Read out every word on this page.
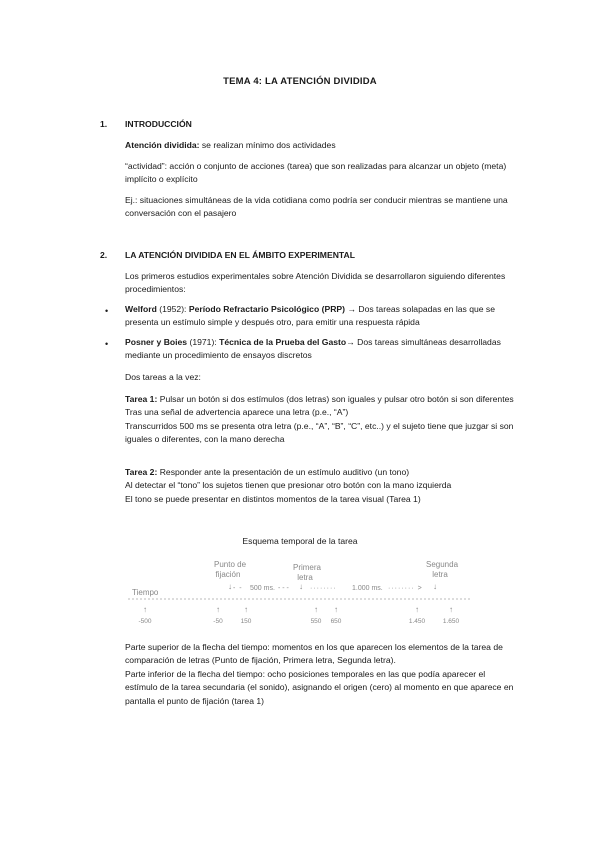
TEMA 4: LA ATENCIÓN DIVIDIDA
1.	INTRODUCCIÓN
Atención dividida: se realizan mínimo dos actividades
“actividad”: acción o conjunto de acciones (tarea) que son realizadas para alcanzar un objeto (meta) implícito o explícito
Ej.: situaciones simultáneas de la vida cotidiana como podría ser conducir mientras se mantiene una conversación con el pasajero
2.	LA ATENCIÓN DIVIDIDA EN EL ÁMBITO EXPERIMENTAL
Los primeros estudios experimentales sobre Atención Dividida se desarrollaron siguiendo diferentes procedimientos:
• Welford (1952): Período Refractario Psicológico (PRP) → Dos tareas solapadas en las que se presenta un estímulo simple y después otro, para emitir una respuesta rápida
• Posner y Boies (1971): Técnica de la Prueba del Gasto→ Dos tareas simultáneas desarrolladas mediante un procedimiento de ensayos discretos
Dos tareas a la vez:

Tarea 1: Pulsar un botón si dos estímulos (dos letras) son iguales y pulsar otro botón si son diferentes

Tras una señal de advertencia aparece una letra (p.e., “A”)

Transcurridos 500 ms se presenta otra letra (p.e., “A”, “B”, “C”, etc..) y el sujeto tiene que juzgar si son iguales o diferentes, con la mano derecha

Tarea 2: Responder ante la presentación de un estímulo auditivo (un tono)

Al detectar el “tono” los sujetos tienen que presionar otro botón con la mano izquierda

El tono se puede presentar en distintos momentos de la tarea visual (Tarea 1)

Esquema temporal de la tarea
Punto de
fijación
Primera
letra
Segunda
letra
↓	↓	↓
- - 500 ms. - - -	········ 1.000 ms. ········ >
Tiempo
↑
-500
↑
-50
↑
150
↑
550
↑
650
↑
1.450
↑
1.650
Parte superior de la flecha del tiempo: momentos en los que aparecen los elementos de la tarea de comparación de letras (Punto de fijación, Primera letra, Segunda letra).
Parte inferior de la flecha del tiempo: ocho posiciones temporales en las que podía aparecer el estímulo de la tarea secundaria (el sonido), asignando el origen (cero) al momento en que aparece en pantalla el punto de fijación (tarea 1)
